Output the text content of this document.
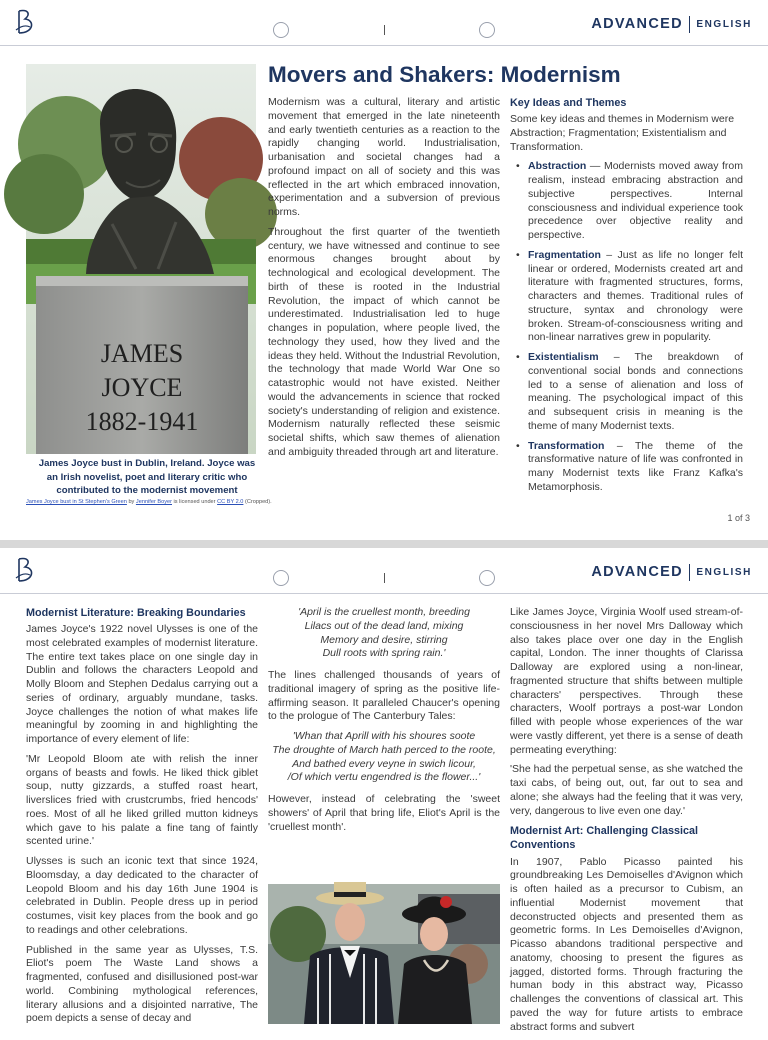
ADVANCED ENGLISH
JAMES
JOYCE
1882-1941
James Joyce bust in Dublin, Ireland. Joyce was an Irish novelist, poet and literary critic who contributed to the modernist movement
James Joyce bust in St Stephen's Green by Jennifer Boyer is licensed under CC BY 2.0 (Cropped).
Movers and Shakers: Modernism

Modernism was a cultural, literary and artistic movement that emerged in the late nineteenth and early twentieth centuries as a reaction to the rapidly changing world. Industrialisation, urbanisation and societal changes had a profound impact on all of society and this was reflected in the art which embraced innovation, experimentation and a subversion of previous norms.

Throughout the first quarter of the twentieth century, we have witnessed and continue to see enormous changes brought about by technological and ecological development. The birth of these is rooted in the Industrial Revolution, the impact of which cannot be underestimated. Industrialisation led to huge changes in population, where people lived, the technology they used, how they lived and the ideas they held. Without the Industrial Revolution, the technology that made World War One so catastrophic would not have existed. Neither would the advancements in science that rocked society's understanding of religion and existence. Modernism naturally reflected these seismic societal shifts, which saw themes of alienation and ambiguity threaded through art and literature.

Key Ideas and Themes

Some key ideas and themes in Modernism were Abstraction; Fragmentation; Existentialism and Transformation.

• Abstraction — Modernists moved away from realism, instead embracing abstraction and subjective perspectives. Internal consciousness and individual experience took precedence over objective reality and perspective.
• Fragmentation – Just as life no longer felt linear or ordered, Modernists created art and literature with fragmented structures, forms, characters and themes. Traditional rules of structure, syntax and chronology were broken. Stream-of-consciousness writing and non-linear narratives grew in popularity.
• Existentialism – The breakdown of conventional social bonds and connections led to a sense of alienation and loss of meaning. The psychological impact of this and subsequent crisis in meaning is the theme of many Modernist texts.
• Transformation – The theme of the transformative nature of life was confronted in many Modernist texts like Franz Kafka's Metamorphosis.
1 of 3
ADVANCED ENGLISH
Modernist Literature: Breaking Boundaries

James Joyce's 1922 novel Ulysses is one of the most celebrated examples of modernist literature. The entire text takes place on one single day in Dublin and follows the characters Leopold and Molly Bloom and Stephen Dedalus carrying out a series of ordinary, arguably mundane, tasks. Joyce challenges the notion of what makes life meaningful by zooming in and highlighting the importance of every element of life:

'Mr Leopold Bloom ate with relish the inner organs of beasts and fowls. He liked thick giblet soup, nutty gizzards, a stuffed roast heart, liverslices fried with crustcrumbs, fried hencods' roes. Most of all he liked grilled mutton kidneys which gave to his palate a fine tang of faintly scented urine.'

Ulysses is such an iconic text that since 1924, Bloomsday, a day dedicated to the character of Leopold Bloom and his day 16th June 1904 is celebrated in Dublin. People dress up in period costumes, visit key places from the book and go to readings and other celebrations.

Published in the same year as Ulysses, T.S. Eliot's poem The Waste Land shows a fragmented, confused and disillusioned post-war world. Combining mythological references, literary allusions and a disjointed narrative, The poem depicts a sense of decay and

'April is the cruellest month, breeding
Lilacs out of the dead land, mixing
Memory and desire, stirring
Dull roots with spring rain.'

The lines challenged thousands of years of traditional imagery of spring as the positive life-affirming season. It paralleled Chaucer's opening to the prologue of The Canterbury Tales:

'Whan that Aprill with his shoures soote
The droughte of March hath perced to the roote,
And bathed every veyne in swich licour,
/Of which vertu engendred is the flower...'

However, instead of celebrating the 'sweet showers' of April that bring life, Eliot's April is the 'cruellest month'.

Like James Joyce, Virginia Woolf used stream-of-consciousness in her novel Mrs Dalloway which also takes place over one day in the English capital, London. The inner thoughts of Clarissa Dalloway are explored using a non-linear, fragmented structure that shifts between multiple characters' perspectives. Through these characters, Woolf portrays a post-war London filled with people whose experiences of the war were vastly different, yet there is a sense of death permeating everything:

'She had the perpetual sense, as she watched the taxi cabs, of being out, out, far out to sea and alone; she always had the feeling that it was very, very, dangerous to live even one day.'

Modernist Art: Challenging Classical Conventions

In 1907, Pablo Picasso painted his groundbreaking Les Demoiselles d'Avignon which is often hailed as a precursor to Cubism, an influential Modernist movement that deconstructed objects and presented them as geometric forms. In Les Demoiselles d'Avignon, Picasso abandons traditional perspective and anatomy, choosing to present the figures as jagged, distorted forms. Through fracturing the human body in this abstract way, Picasso challenges the conventions of classical art. This paved the way for future artists to embrace abstract forms and subvert
